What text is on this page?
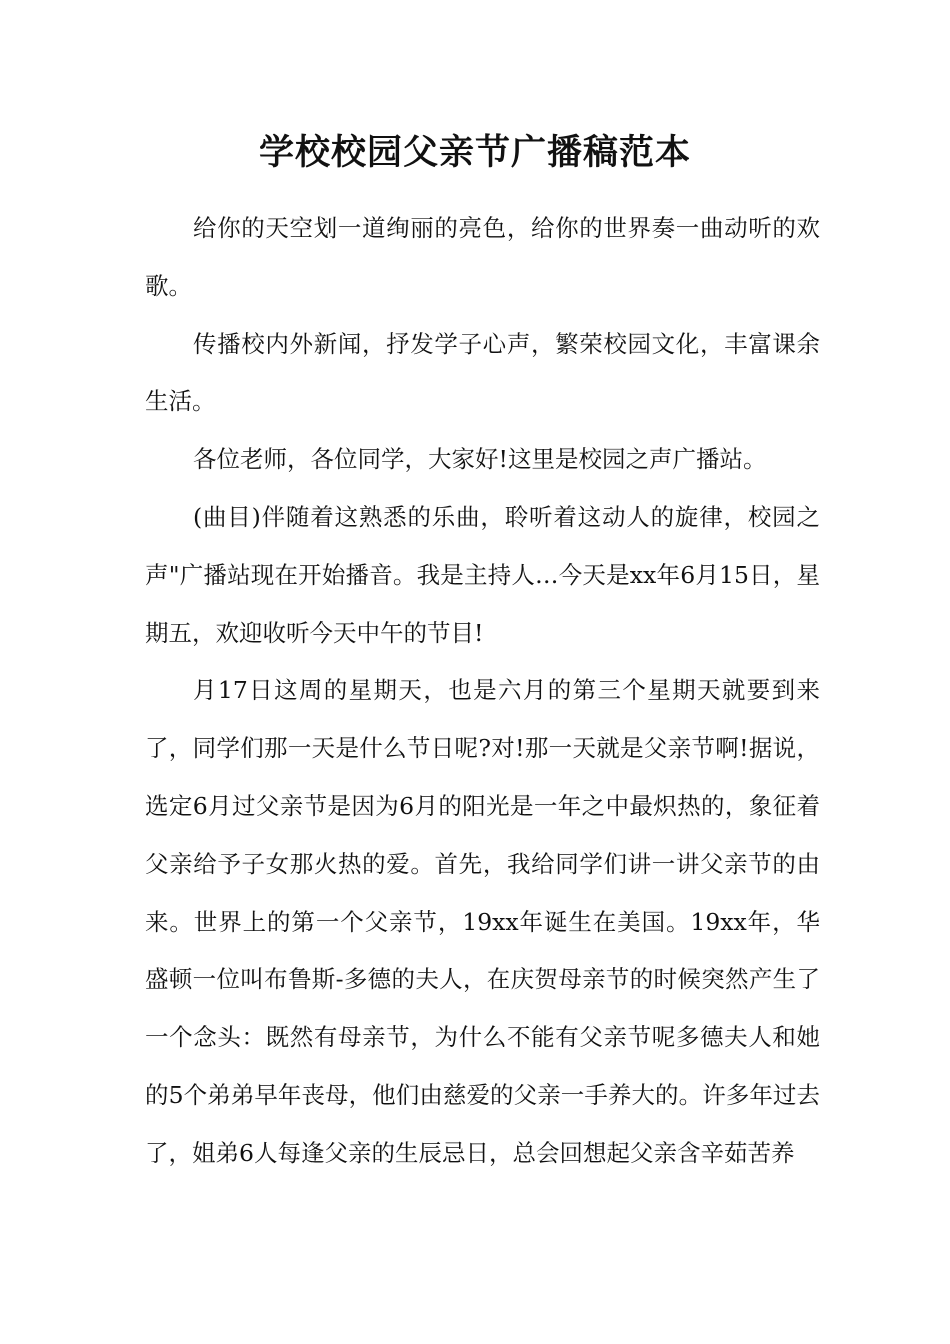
学校校园父亲节广播稿范本

给你的天空划一道绚丽的亮色，给你的世界奏一曲动听的欢歌。

传播校内外新闻，抒发学子心声，繁荣校园文化，丰富课余生活。

各位老师，各位同学，大家好!这里是校园之声广播站。

(曲目)伴随着这熟悉的乐曲，聆听着这动人的旋律，校园之声"广播站现在开始播音。我是主持人…今天是xx年6月15日，星期五，欢迎收听今天中午的节目!

月17日这周的星期天，也是六月的第三个星期天就要到来了，同学们那一天是什么节日呢?对!那一天就是父亲节啊!据说，选定6月过父亲节是因为6月的阳光是一年之中最炽热的，象征着父亲给予子女那火热的爱。首先，我给同学们讲一讲父亲节的由来。世界上的第一个父亲节，19xx年诞生在美国。19xx年，华盛顿一位叫布鲁斯-多德的夫人，在庆贺母亲节的时候突然产生了一个念头：既然有母亲节，为什么不能有父亲节呢多德夫人和她的5个弟弟早年丧母，他们由慈爱的父亲一手养大的。许多年过去了，姐弟6人每逢父亲的生辰忌日，总会回想起父亲含辛茹苦养
